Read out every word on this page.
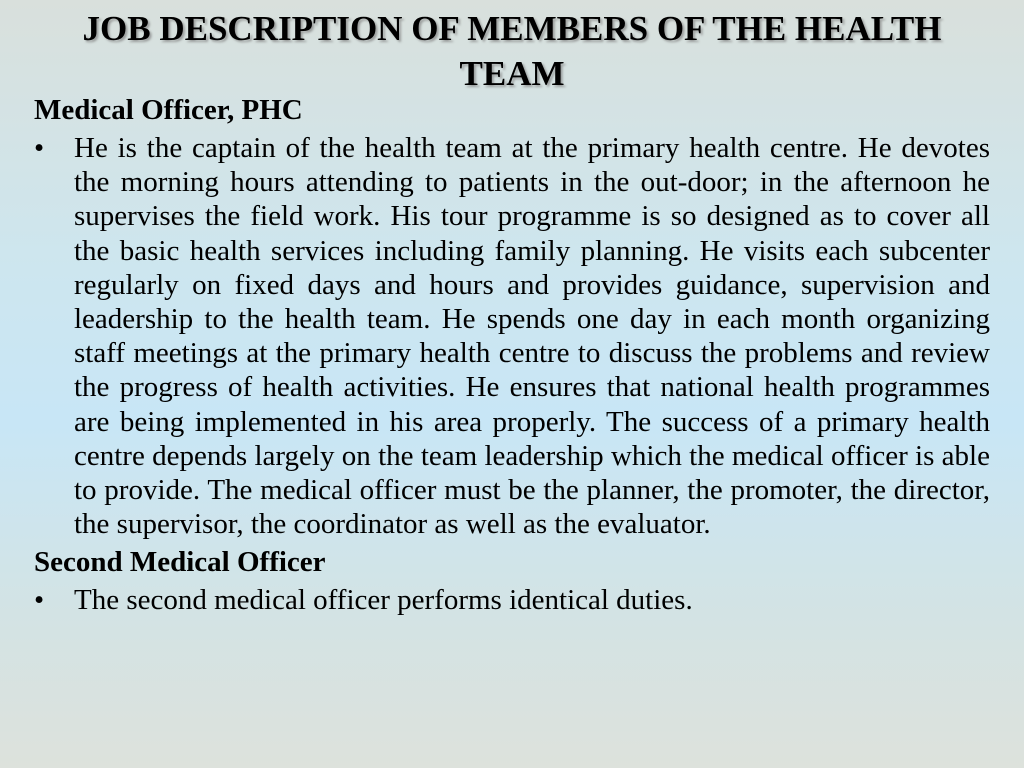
JOB DESCRIPTION OF MEMBERS OF THE HEALTH TEAM

Medical Officer, PHC

• He is the captain of the health team at the primary health centre. He devotes the morning hours attending to patients in the out-door; in the afternoon he supervises the field work. His tour programme is so designed as to cover all the basic health services including family planning. He visits each subcenter regularly on fixed days and hours and provides guidance, supervision and leadership to the health team. He spends one day in each month organizing staff meetings at the primary health centre to discuss the problems and review the progress of health activities. He ensures that national health programmes are being implemented in his area properly. The success of a primary health centre depends largely on the team leadership which the medical officer is able to provide. The medical officer must be the planner, the promoter, the director, the supervisor, the coordinator as well as the evaluator.

Second Medical Officer

• The second medical officer performs identical duties.
